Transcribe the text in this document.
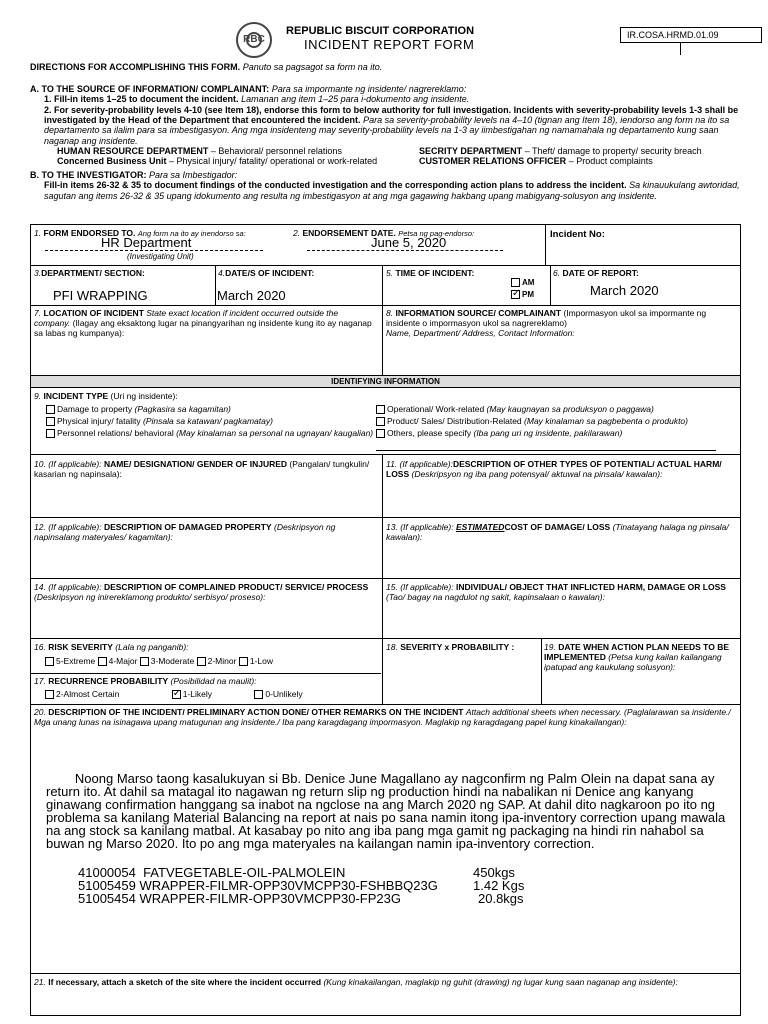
RBC
REPUBLIC BISCUIT CORPORATION
INCIDENT REPORT FORM
IR.COSA.HRMD.01.09
DIRECTIONS FOR ACCOMPLISHING THIS FORM. Panuto sa pagsagot sa form na ito.
A. TO THE SOURCE OF INFORMATION/ COMPLAINANT: Para sa impormante ng insidente/ nagrereklamo:
1. Fill-in items 1–25 to document the incident. Lamanan ang item 1–25 para i-dokumento ang insidente.
2. For severity-probability levels 4-10 (see Item 18), endorse this form to below authority for full investigation. Incidents with severity-probability levels 1-3 shall be investigated by the Head of the Department that encountered the incident. Para sa severity-probability levels na 4–10 (tignan ang Item 18), iendorso ang form na ito sa departamento sa ilalim para sa imbestigasyon. Ang mga insidenteng may severity-probability levels na 1-3 ay iimbestigahan ng namamahala ng departamento kung saan naganap ang insidente.
HUMAN RESOURCE DEPARTMENT – Behavioral/ personnel relations	SECRITY DEPARTMENT – Theft/ damage to property/ security breach
Concerned Business Unit – Physical injury/ fatality/ operational or work-related	CUSTOMER RELATIONS OFFICER – Product complaints
B. TO THE INVESTIGATOR: Para sa Imbestigador:
Fill-in items 26-32 & 35 to document findings of the conducted investigation and the corresponding action plans to address the incident. Sa kinauukulang awtoridad, sagutan ang items 26-32 & 35 upang idokumento ang resulta ng imbestigasyon at ang mga gagawing hakbang upang mabigyang-solusyon ang insidente.
1. FORM ENDORSED TO. Ang form na ito ay inendorso sa:
HR Department
(Investigating Unit)
2. ENDORSEMENT DATE. Petsa ng pag-endorso:
June 5, 2020
Incident No:
3.DEPARTMENT/ SECTION:
PFI WRAPPING
4.DATE/S OF INCIDENT:
March 2020
5. TIME OF INCIDENT:
AM
✓PM
6. DATE OF REPORT:
March 2020
7. LOCATION OF INCIDENT State exact location if incident occurred outside the company. (Ilagay ang eksaktong lugar na pinangyarihan ng insidente kung ito ay naganap sa labas ng kumpanya):
8. INFORMATION SOURCE/ COMPLAINANT (Impormasyon ukol sa impormante ng insidente o impormasyon ukol sa nagrereklamo)
Name, Department/ Address, Contact Information:
IDENTIFYING INFORMATION
9. INCIDENT TYPE (Uri ng insidente):
Damage to property (Pagkasira sa kagamitan)
Physical injury/ fatality (Pinsala sa katawan/ pagkamatay)
Personnel relations/ behavioral (May kinalaman sa personal na ugnayan/ kaugalian)
Operational/ Work-related (May kaugnayan sa produksyon o paggawa)
Product/ Sales/ Distribution-Related (May kinalaman sa pagbebenta o produkto)
Others, please specify (Iba pang uri ng insidente, pakilarawan)
10. (If applicable): NAME/ DESIGNATION/ GENDER OF INJURED (Pangalan/ tungkulin/ kasarian ng napinsala):
11. (If applicable):DESCRIPTION OF OTHER TYPES OF POTENTIAL/ ACTUAL HARM/ LOSS (Deskripsyon ng iba pang potensyal/ aktuwal na pinsala/ kawalan):
12. (If applicable): DESCRIPTION OF DAMAGED PROPERTY (Deskripsyon ng napinsalang materyales/ kagamitan):
13. (If applicable): ESTIMATEDCOST OF DAMAGE/ LOSS (Tinatayang halaga ng pinsala/ kawalan):
14. (If applicable): DESCRIPTION OF COMPLAINED PRODUCT/ SERVICE/ PROCESS (Deskripsyon ng inirereklamong produkto/ serbisyo/ proseso):
15. (If applicable): INDIVIDUAL/ OBJECT THAT INFLICTED HARM, DAMAGE OR LOSS (Tao/ bagay na nagdulot ng sakit, kapinsalaan o kawalan):
16. RISK SEVERITY (Lala ng panganib):
5-Extreme 4-Major 3-Moderate 2-Minor 1-Low
17. RECURRENCE PROBABILITY (Posibilidad na maulit):
2-Almost Certain ✓	1-Likely	0-Unlikely
18. SEVERITY x PROBABILITY :	19. DATE WHEN ACTION PLAN NEEDS TO BE IMPLEMENTED (Petsa kung kailan kailangang ipatupad ang kaukulang solusyon):
20. DESCRIPTION OF THE INCIDENT/ PRELIMINARY ACTION DONE/ OTHER REMARKS ON THE INCIDENT Attach additional sheets when necessary. (Paglalarawan sa insidente./ Mga unang lunas na isinagawa upang matugunan ang insidente./ Iba pang karagdagang impormasyon. Maglakip ng karagdagang papel kung kinakailangan):
21. If necessary, attach a sketch of the site where the incident occurred (Kung kinakailangan, maglakip ng guhit (drawing) ng lugar kung saan naganap ang insidente):
Noong Marso taong kasalukuyan si Bb. Denice June Magallano ay nagconfirm ng Palm Olein na dapat sana ay return ito. At dahil sa matagal ito nagawan ng return slip ng production hindi na nabalikan ni Denice ang kanyang ginawang confirmation hanggang sa inabot na ngclose na ang March 2020 ng SAP. At dahil dito nagkaroon po ito ng problema sa kanilang Material Balancing na report at nais po sana namin itong ipa-inventory correction upang mawala na ang stock sa kanilang matbal. At kasabay po nito ang iba pang mga gamit ng packaging na hindi rin nahabol sa buwan ng Marso 2020. Ito po ang mga materyales na kailangan namin ipa-inventory correction.
41000054 FATVEGETABLE-OIL-PALMOLEIN	450kgs
51005459 WRAPPER-FILMR-OPP30VMCPP30-FSHBBQ23G	1.42 Kgs
51005454 WRAPPER-FILMR-OPP30VMCPP30-FP23G	20.8kgs
